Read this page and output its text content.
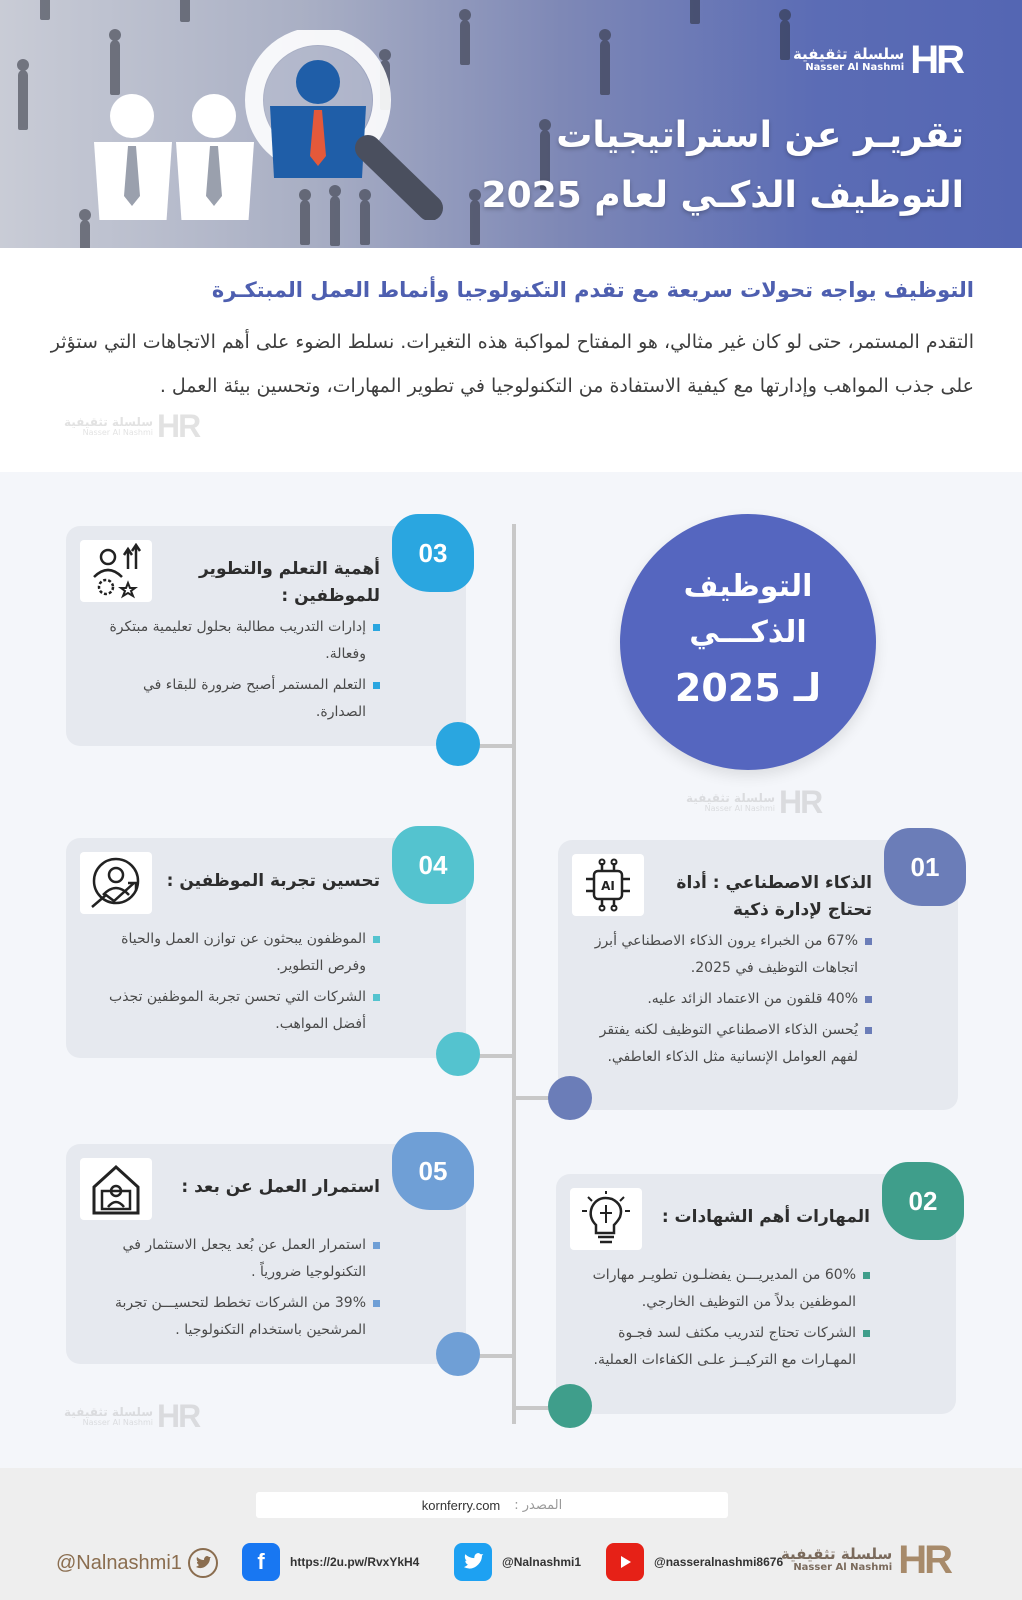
سلسلة تثقيفية
Nasser Al Nashmi HR
تقريـر عن استراتيجيات
التوظيف الذكـي لعام 2025
التوظيف يواجه تحولات سريعة مع تقدم التكنولوجيا وأنماط العمل المبتكـرة
التقدم المستمر، حتى لو كان غير مثالي، هو المفتاح لمواكبة هذه التغيرات. نسلط الضوء على أهم الاتجاهات التي ستؤثر على جذب المواهب وإدارتها مع كيفية الاستفادة من التكنولوجيا في تطوير المهارات، وتحسين بيئة العمل .
سلسلة تثقيفية
Nasser Al Nashmi HR
التوظيف
الذكـــي
لـ 2025
سلسلة تثقيفية
Nasser Al Nashmi HR
سلسلة تثقيفية
Nasser Al Nashmi HR
03
أهمية التعلم والتطوير للموظفين :
إدارات التدريب مطالبة بحلول تعليمية مبتكرة وفعالة.
التعلم المستمر أصبح ضرورة للبقاء في الصدارة.
04
تحسين تجربة الموظفين :
الموظفون يبحثون عن توازن العمل والحياة وفرص التطوير.
الشركات التي تحسن تجربة الموظفين تجذب أفضل المواهب.
05
استمرار العمل عن بعد :
استمرار العمل عن بُعد يجعل الاستثمار في التكنولوجيا ضرورياً .
39% من الشركات تخطط لتحسيـــن تجربة المرشحين باستخدام التكنولوجيا .
01
AI	الذكاء الاصطناعي : أداة تحتاج لإدارة ذكية
67% من الخبراء يرون الذكاء الاصطناعي أبرز اتجاهات التوظيف في 2025.
40% قلقون من الاعتماد الزائد عليه.
يُحسن الذكاء الاصطناعي التوظيف لكنه يفتقر لفهم العوامل الإنسانية مثل الذكاء العاطفي.
02
المهارات أهم الشهادات :
60% من المديريـــن يفضلـون تطويـر مهارات الموظفين بدلاً من التوظيف الخارجي.
الشركات تحتاج لتدريب مكثف لسد فجـوة المهـارات مع التركيــز علـى الكفاءات العملية.
المصدر :
kornferry.com
@Nalnashmi1	f	https://2u.pw/RvxYkH4	@Nalnashmi1	@nasseralnashmi8676
سلسلة تثقيفية
Nasser Al Nashmi HR
